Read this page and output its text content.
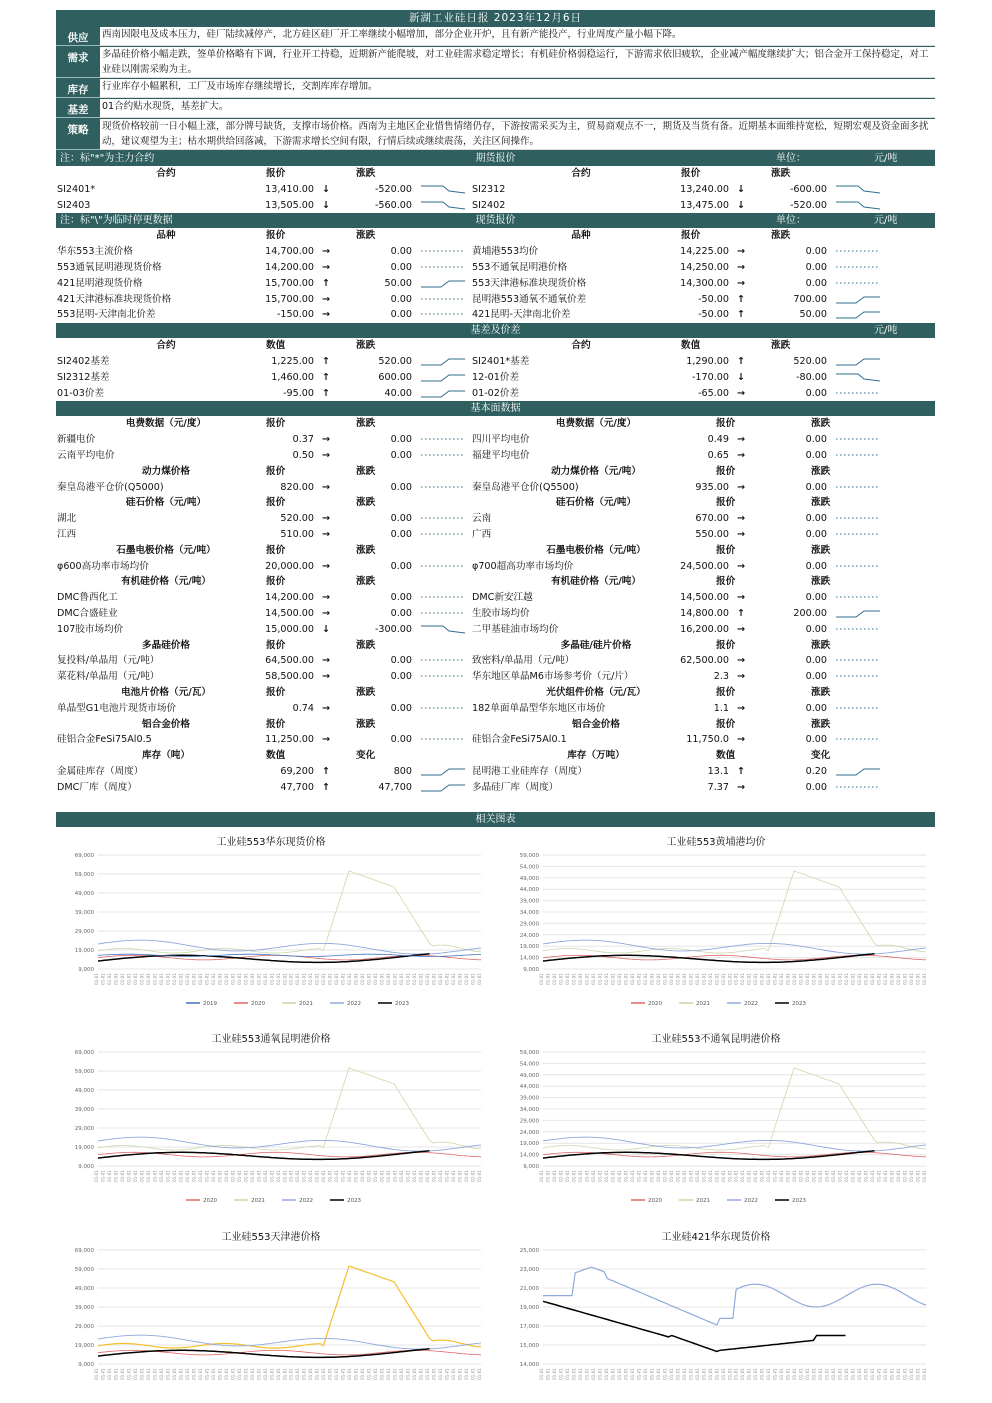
新湖工业硅日报 2023年12月6日
供应	西南因限电及成本压力，硅厂陆续减停产，北方硅区硅厂开工率继续小幅增加，部分企业开炉，且有新产能投产，行业周度产量小幅下降。
需求	多晶硅价格小幅走跌，签单价格略有下调，行业开工持稳，近期新产能爬坡，对工业硅需求稳定增长；有机硅价格弱稳运行，下游需求依旧疲软，企业减产幅度继续扩大；铝合金开工保持稳定，对工业硅以刚需采购为主。
库存	行业库存小幅累积，工厂及市场库存继续增长，交割库库存增加。
基差	01合约贴水现货，基差扩大。
策略	现货价格较前一日小幅上涨，部分牌号缺货，支撑市场价格。西南为主地区企业惜售情绪仍存，下游按需采买为主，贸易商观点不一，期货及当货有备。近期基本面维持宽松，短期宏观及资金面多扰动，建议观望为主；枯水期供给回落减，下游需求增长空间有限，行情后续或继续震荡，关注区间操作。
注：标"*"为主力合约	期货报价	单位：	元/吨
合约	报价	涨跌	合约	报价	涨跌
SI2401*	13,410.00 ↓	-520.00	SI2312	13,240.00 ↓	-600.00
SI2403	13,505.00 ↓	-560.00	SI2402	13,475.00 ↓	-520.00
注：标"\"为临时停更数据	现货报价	单位：	元/吨
品种	报价	涨跌	品种	报价	涨跌
华东553主流价格	14,700.00 →	0.00	黄埔港553均价	14,225.00 →	0.00
553通氧昆明港现货价格	14,200.00 →	0.00	553不通氧昆明港价格	14,250.00 →	0.00
421昆明港现货价格	15,700.00 ↑	50.00	553天津港标准块现货价格	14,300.00 →	0.00
421天津港标准块现货价格	15,700.00 →	0.00	昆明港553通氧不通氧价差	-50.00 ↑	700.00
553昆明-天津南北价差	-150.00 →	0.00	421昆明-天津南北价差	-50.00 ↑	50.00
基差及价差	元/吨
合约	数值	涨跌	合约	数值	涨跌
SI2402基差	1,225.00 ↑	520.00	SI2401*基差	1,290.00 ↑	520.00
SI2312基差	1,460.00 ↑	600.00	12-01价差	-170.00 ↓	-80.00
01-03价差	-95.00 ↑	40.00	01-02价差	-65.00 →	0.00
基本面数据
电费数据（元/度）	报价	涨跌	电费数据（元/度）	报价	涨跌
新疆电价	0.37 →	0.00	四川平均电价	0.49 →	0.00
云南平均电价	0.50 →	0.00	福建平均电价	0.65 →	0.00
动力煤价格	报价	涨跌	动力煤价格（元/吨）	报价	涨跌
秦皇岛港平仓价(Q5000)	820.00 →	0.00	秦皇岛港平仓价(Q5500)	935.00 →	0.00
硅石价格（元/吨）	报价	涨跌	硅石价格（元/吨）	报价	涨跌
湖北	520.00 →	0.00	云南	670.00 →	0.00
江西	510.00 →	0.00	广西	550.00 →	0.00
石墨电极价格（元/吨）	报价	涨跌	石墨电极价格（元/吨）	报价	涨跌
φ600高功率市场均价	20,000.00 →	0.00	φ700超高功率市场均价	24,500.00 →	0.00
有机硅价格（元/吨）	报价	涨跌	有机硅价格（元/吨）	报价	涨跌
DMC鲁西化工	14,200.00 →	0.00	DMC新安江越	14,500.00 →	0.00
DMC合盛硅业	14,500.00 →	0.00	生胶市场均价	14,800.00 ↑	200.00
107胶市场均价	15,000.00 ↓	-300.00	二甲基硅油市场均价	16,200.00 →	0.00
多晶硅价格	报价	涨跌	多晶硅/硅片价格	报价	涨跌
复投料/单晶用（元/吨）	64,500.00 →	0.00	致密料/单晶用（元/吨）	62,500.00 →	0.00
菜花料/单晶用（元/吨）	58,500.00 →	0.00	华东地区单晶M6市场参考价（元/片）	2.3 →	0.00
电池片价格（元/瓦）	报价	涨跌	光伏组件价格（元/瓦）	报价	涨跌
单晶型G1电池片现货市场价	0.74 →	0.00	182单面单晶型华东地区市场价	1.1 →	0.00
铝合金价格	报价	涨跌	铝合金价格	报价	涨跌
硅铝合金FeSi75Al0.5	11,250.00 →	0.00	硅铝合金FeSi75Al0.1	11,750.0 →	0.00
库存（吨）	数值	变化	库存（万吨）	数值	变化
金属硅库存（周度）	69,200 ↑	800	昆明港工业硅库存（周度）	13.1 ↑	0.20
DMC厂库（周度）	47,700 ↑	47,700	多晶硅厂库（周度）	7.37 →	0.00
相关图表
69,000
59,000
49,000
39,000
29,000
19,000
9,000
01-01 01-01 01-01 01-01 01-01 01-01 01-01 01-01 01-01 01-01 01-01 01-01 01-01 01-01 01-01 01-01 01-01 01-01 01-01 01-01 01-01 01-01 01-01 01-01 01-01 01-01 01-01 01-01 01-01 01-01 01-01 01-01 01-01 01-01 01-01 01-01 01-01 01-01 01-01 01-01 01-01 01-01 01-01 01-01 01-01 01-01 01-01 01-01 01-01 01-01 01-01 01-01 01-01 01-01 01-01 01-01 01-01 01-01 01-01 01-01
2019	2020	2021	2022	2023
工业硅553华东现货价格
59,000
54,000
49,000
44,000
39,000
34,000
29,000
24,000
19,000
14,000
9,000
01-01 01-01 01-01 01-01 01-01 01-01 01-01 01-01 01-01 01-01 01-01 01-01 01-01 01-01 01-01 01-01 01-01 01-01 01-01 01-01 01-01 01-01 01-01 01-01 01-01 01-01 01-01 01-01 01-01 01-01 01-01 01-01 01-01 01-01 01-01 01-01 01-01 01-01 01-01 01-01 01-01 01-01 01-01 01-01 01-01 01-01 01-01 01-01 01-01 01-01 01-01 01-01 01-01 01-01 01-01 01-01 01-01 01-01 01-01 01-01
2020	2021	2022	2023
工业硅553黄埔港均价
69,000
59,000
49,000
39,000
29,000
19,000
9,000
01-01 01-01 01-01 01-01 01-01 01-01 01-01 01-01 01-01 01-01 01-01 01-01 01-01 01-01 01-01 01-01 01-01 01-01 01-01 01-01 01-01 01-01 01-01 01-01 01-01 01-01 01-01 01-01 01-01 01-01 01-01 01-01 01-01 01-01 01-01 01-01 01-01 01-01 01-01 01-01 01-01 01-01 01-01 01-01 01-01 01-01 01-01 01-01 01-01 01-01 01-01 01-01 01-01 01-01 01-01 01-01 01-01 01-01 01-01 01-01
2020	2021	2022	2023
工业硅553通氧昆明港价格
59,000
54,000
49,000
44,000
39,000
34,000
29,000
24,000
19,000
14,000
9,000
01-01 01-01 01-01 01-01 01-01 01-01 01-01 01-01 01-01 01-01 01-01 01-01 01-01 01-01 01-01 01-01 01-01 01-01 01-01 01-01 01-01 01-01 01-01 01-01 01-01 01-01 01-01 01-01 01-01 01-01 01-01 01-01 01-01 01-01 01-01 01-01 01-01 01-01 01-01 01-01 01-01 01-01 01-01 01-01 01-01 01-01 01-01 01-01 01-01 01-01 01-01 01-01 01-01 01-01 01-01 01-01 01-01 01-01 01-01 01-01
2020	2021	2022	2023
工业硅553不通氧昆明港价格
69,000
59,000
49,000
39,000
29,000
19,000
9,000
01-01 01-01 01-01 01-01 01-01 01-01 01-01 01-01 01-01 01-01 01-01 01-01 01-01 01-01 01-01 01-01 01-01 01-01 01-01 01-01 01-01 01-01 01-01 01-01 01-01 01-01 01-01 01-01 01-01 01-01 01-01 01-01 01-01 01-01 01-01 01-01 01-01 01-01 01-01 01-01 01-01 01-01 01-01 01-01 01-01 01-01 01-01 01-01 01-01 01-01 01-01 01-01 01-01 01-01 01-01 01-01 01-01 01-01 01-01 01-01
工业硅553天津港价格
25,000
23,000
21,000
19,000
17,000
15,000
14,000
01-01 01-01 01-01 01-01 01-01 01-01 01-01 01-01 01-01 01-01 01-01 01-01 01-01 01-01 01-01 01-01 01-01 01-01 01-01 01-01 01-01 01-01 01-01 01-01 01-01 01-01 01-01 01-01 01-01 01-01 01-01 01-01 01-01 01-01 01-01 01-01 01-01 01-01 01-01 01-01 01-01 01-01 01-01 01-01 01-01 01-01 01-01 01-01 01-01 01-01 01-01 01-01 01-01 01-01 01-01 01-01 01-01 01-01 01-01 01-01
工业硅421华东现货价格
